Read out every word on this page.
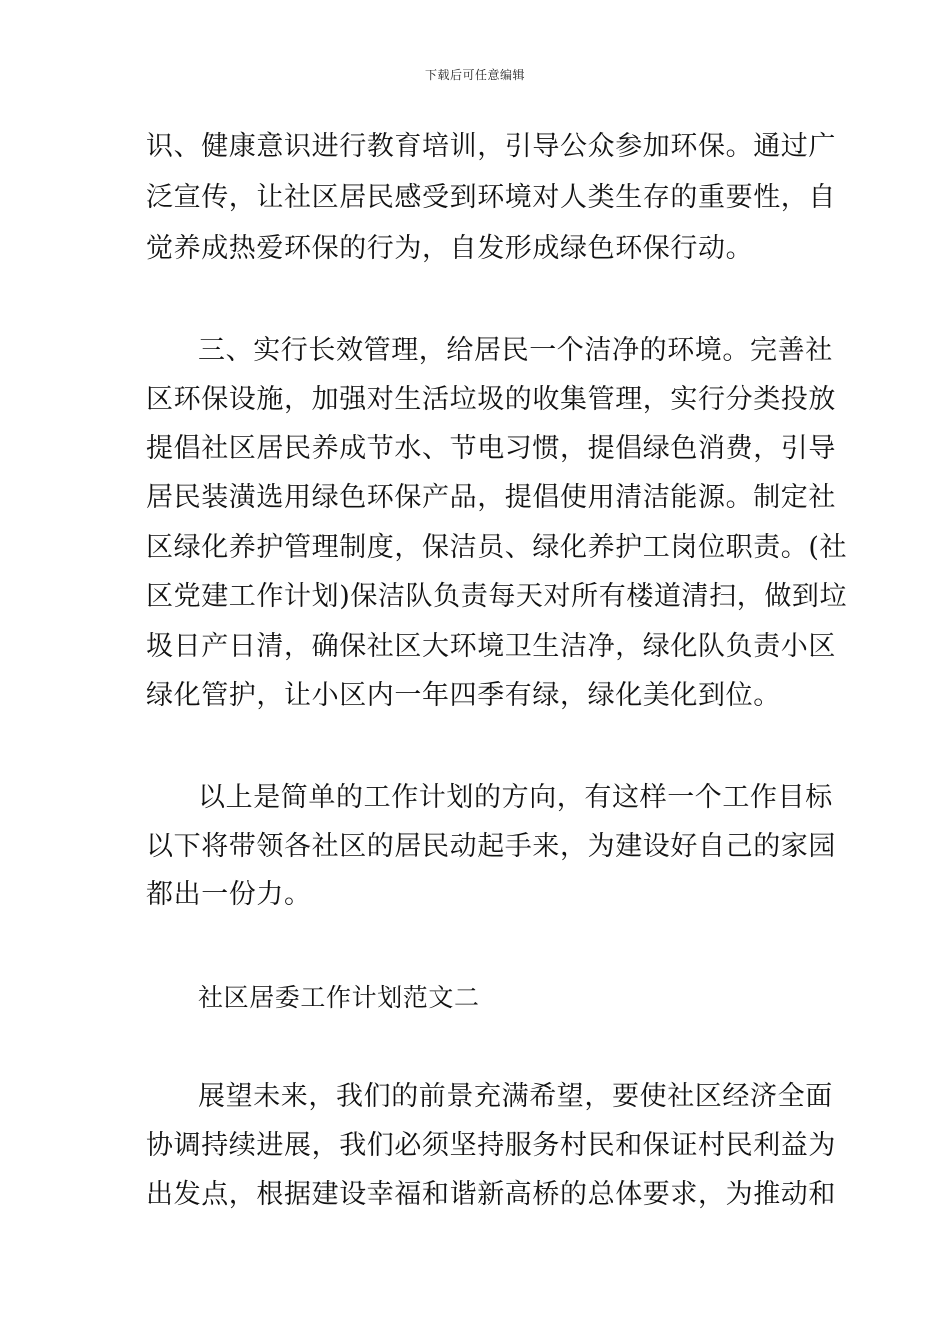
下载后可任意编辑
识、健康意识进行教育培训，引导公众参加环保。通过广
泛宣传，让社区居民感受到环境对人类生存的重要性，自
觉养成热爱环保的行为，自发形成绿色环保行动。
三、实行长效管理，给居民一个洁净的环境。完善社
区环保设施，加强对生活垃圾的收集管理，实行分类投放
提倡社区居民养成节水、节电习惯，提倡绿色消费，引导
居民装潢选用绿色环保产品，提倡使用清洁能源。制定社
区绿化养护管理制度，保洁员、绿化养护工岗位职责。(社
区党建工作计划)保洁队负责每天对所有楼道清扫，做到垃
圾日产日清，确保社区大环境卫生洁净，绿化队负责小区
绿化管护，让小区内一年四季有绿，绿化美化到位。
以上是简单的工作计划的方向，有这样一个工作目标
以下将带领各社区的居民动起手来，为建设好自己的家园
都出一份力。
社区居委工作计划范文二
展望未来，我们的前景充满希望，要使社区经济全面
协调持续进展，我们必须坚持服务村民和保证村民利益为
出发点，根据建设幸福和谐新高桥的总体要求，为推动和
